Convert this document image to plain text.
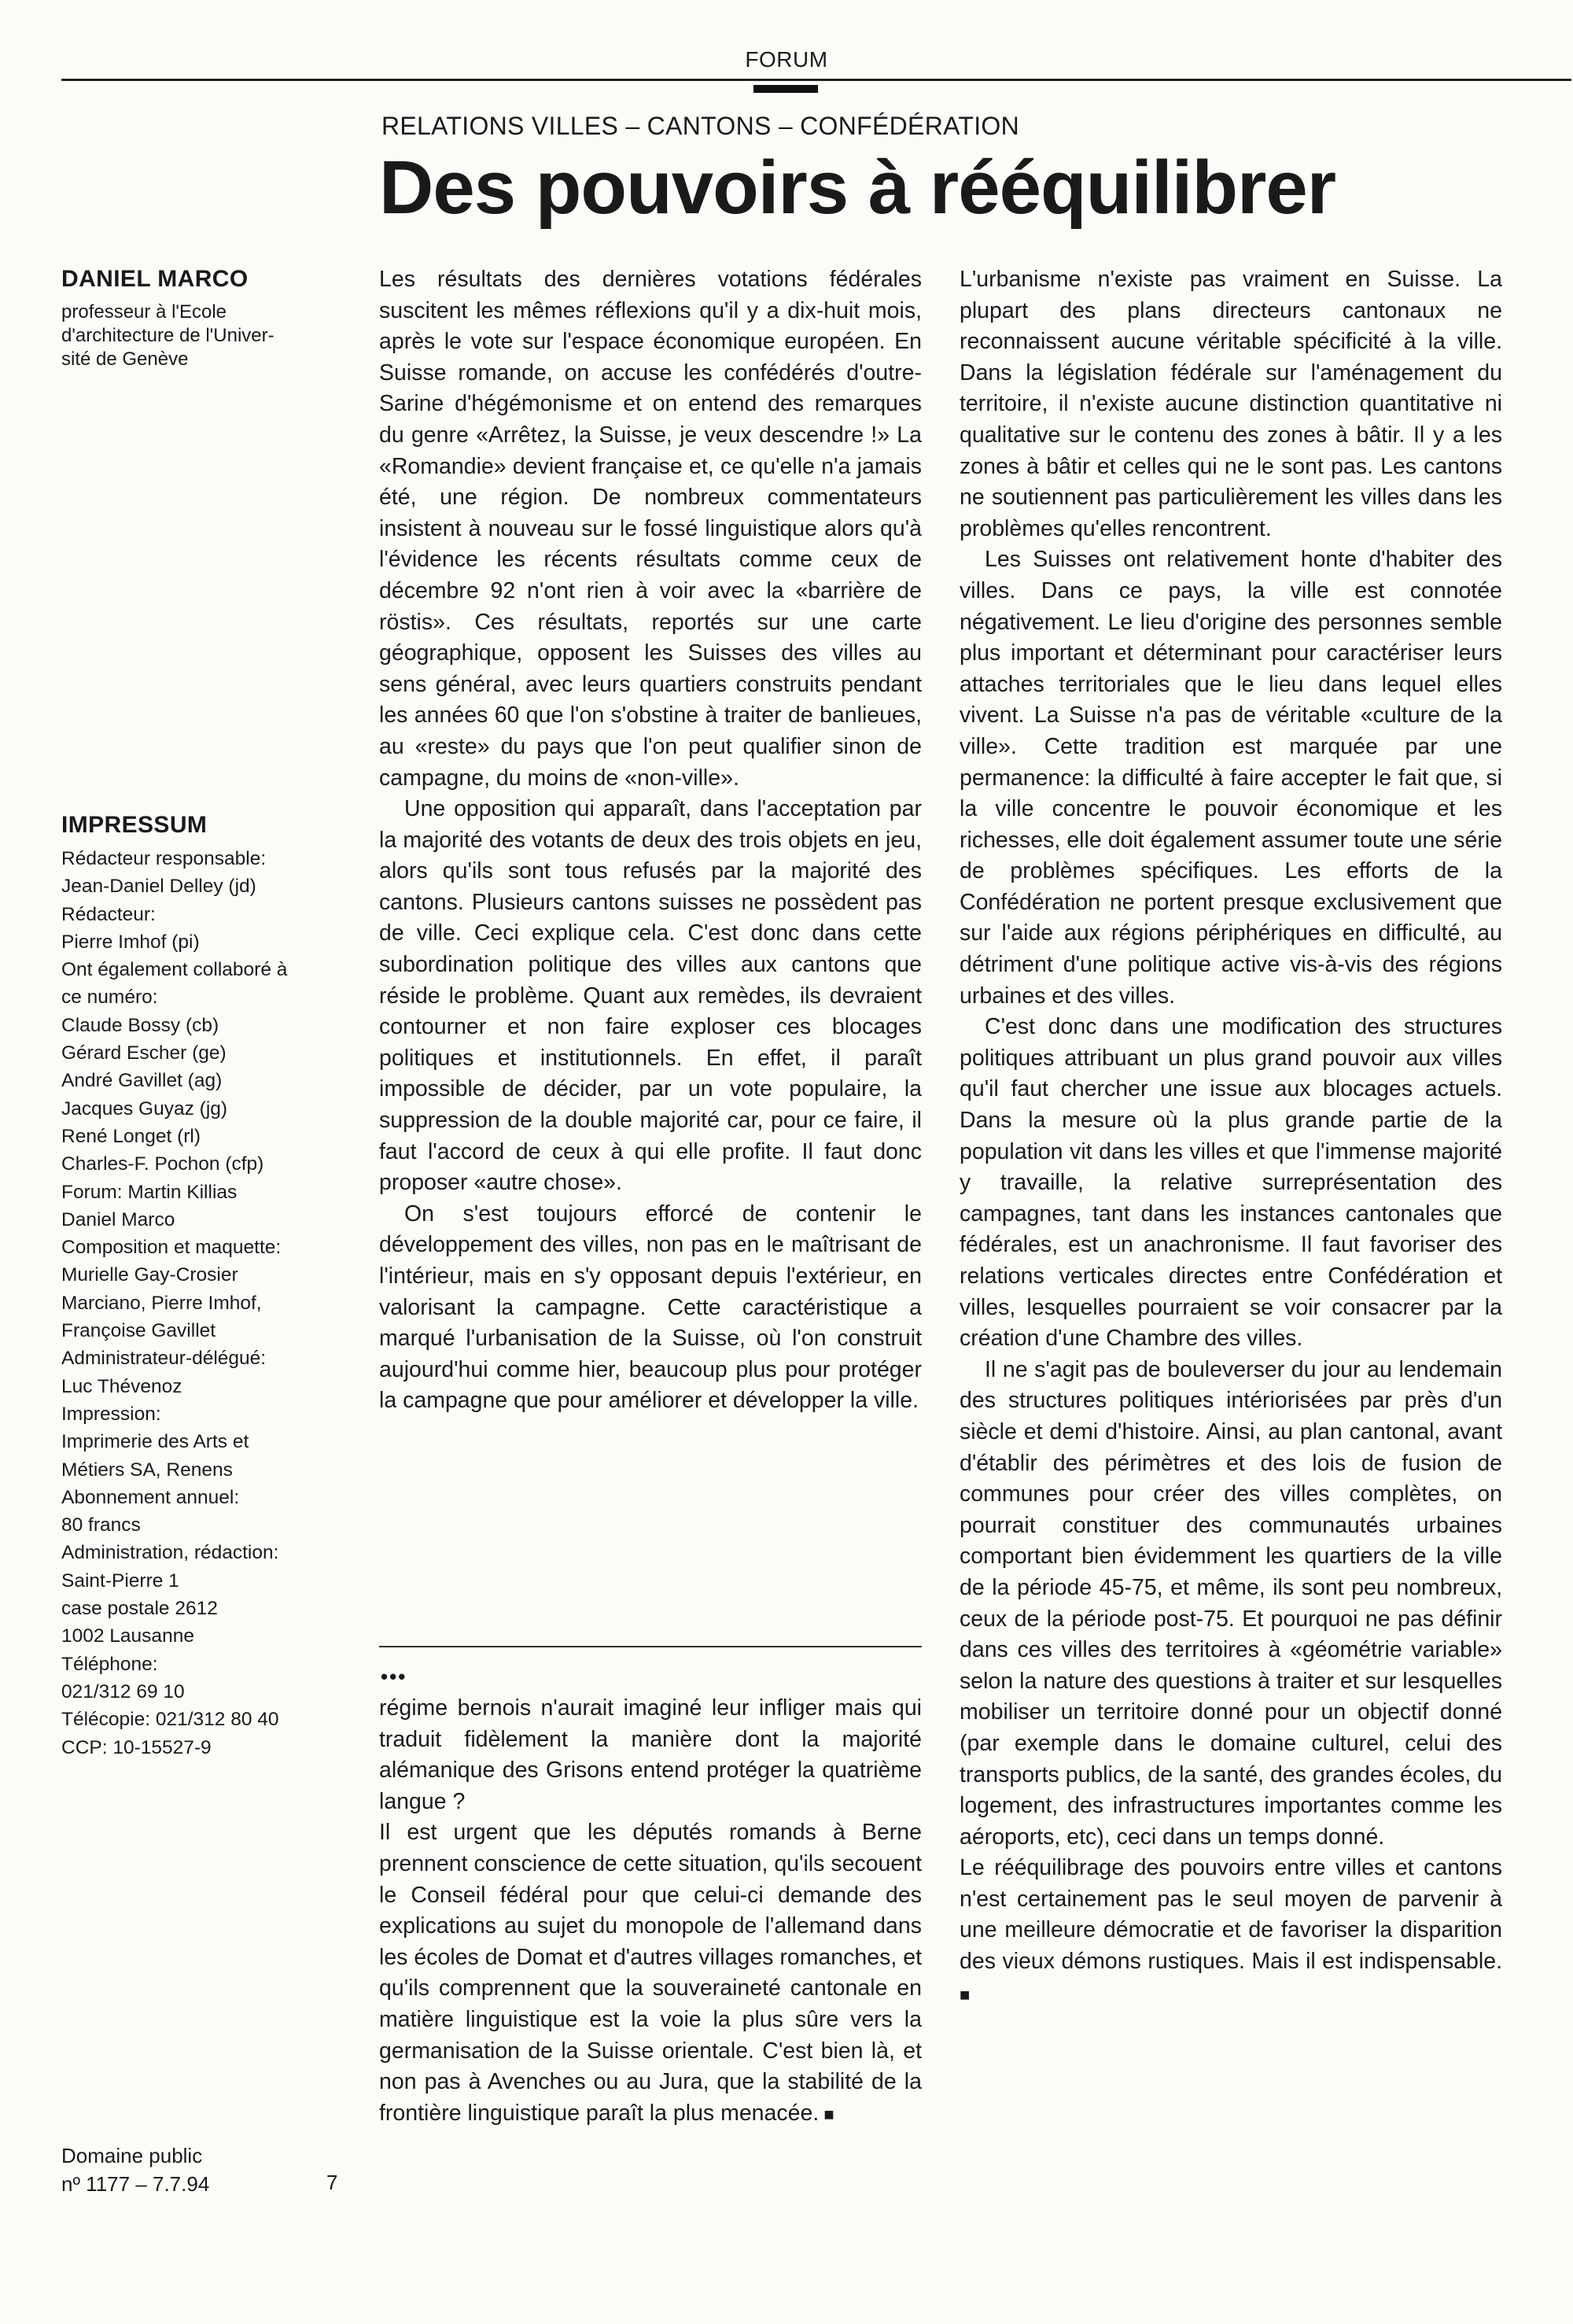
FORUM
RELATIONS VILLES – CANTONS – CONFÉDÉRATION
Des pouvoirs à rééquilibrer
DANIEL MARCO
professeur à l'Ecole
d'architecture de l'Univer-
sité de Genève
IMPRESSUM
Rédacteur responsable:
Jean-Daniel Delley (jd)
Rédacteur:
Pierre Imhof (pi)
Ont également collaboré à
ce numéro:
Claude Bossy (cb)
Gérard Escher (ge)
André Gavillet (ag)
Jacques Guyaz (jg)
René Longet (rl)
Charles-F. Pochon (cfp)
Forum: Martin Killias
Daniel Marco
Composition et maquette:
Murielle Gay-Crosier
Marciano, Pierre Imhof,
Françoise Gavillet
Administrateur-délégué:
Luc Thévenoz
Impression:
Imprimerie des Arts et
Métiers SA, Renens
Abonnement annuel:
80 francs
Administration, rédaction:
Saint-Pierre 1
case postale 2612
1002 Lausanne
Téléphone:
021/312 69 10
Télécopie: 021/312 80 40
CCP: 10-15527-9
Domaine public
nº 1177 – 7.7.94	7

Les résultats des dernières votations fédérales suscitent les mêmes réflexions qu'il y a dix-huit mois, après le vote sur l'espace économique européen. En Suisse romande, on accuse les confédérés d'outre-Sarine d'hégémonisme et on entend des remarques du genre «Arrêtez, la Suisse, je veux descendre !» La «Romandie» devient française et, ce qu'elle n'a jamais été, une région. De nombreux commentateurs insistent à nouveau sur le fossé linguistique alors qu'à l'évidence les récents résultats comme ceux de décembre 92 n'ont rien à voir avec la «barrière de röstis». Ces résultats, reportés sur une carte géographique, opposent les Suisses des villes au sens général, avec leurs quartiers construits pendant les années 60 que l'on s'obstine à traiter de banlieues, au «reste» du pays que l'on peut qualifier sinon de campagne, du moins de «non-ville».

Une opposition qui apparaît, dans l'acceptation par la majorité des votants de deux des trois objets en jeu, alors qu'ils sont tous refusés par la majorité des cantons. Plusieurs cantons suisses ne possèdent pas de ville. Ceci explique cela. C'est donc dans cette subordination politique des villes aux cantons que réside le problème. Quant aux remèdes, ils devraient contourner et non faire exploser ces blocages politiques et institutionnels. En effet, il paraît impossible de décider, par un vote populaire, la suppression de la double majorité car, pour ce faire, il faut l'accord de ceux à qui elle profite. Il faut donc proposer «autre chose».

On s'est toujours efforcé de contenir le développement des villes, non pas en le maîtrisant de l'intérieur, mais en s'y opposant depuis l'extérieur, en valorisant la campagne. Cette caractéristique a marqué l'urbanisation de la Suisse, où l'on construit aujourd'hui comme hier, beaucoup plus pour protéger la campagne que pour améliorer et développer la ville.

•••

régime bernois n'aurait imaginé leur infliger mais qui traduit fidèlement la manière dont la majorité alémanique des Grisons entend protéger la quatrième langue ?

Il est urgent que les députés romands à Berne prennent conscience de cette situation, qu'ils secouent le Conseil fédéral pour que celui-ci demande des explications au sujet du monopole de l'allemand dans les écoles de Domat et d'autres villages romanches, et qu'ils comprennent que la souveraineté cantonale en matière linguistique est la voie la plus sûre vers la germanisation de la Suisse orientale. C'est bien là, et non pas à Avenches ou au Jura, que la stabilité de la frontière linguistique paraît la plus menacée.

■

L'urbanisme n'existe pas vraiment en Suisse. La plupart des plans directeurs cantonaux ne reconnaissent aucune véritable spécificité à la ville. Dans la législation fédérale sur l'aménagement du territoire, il n'existe aucune distinction quantitative ni qualitative sur le contenu des zones à bâtir. Il y a les zones à bâtir et celles qui ne le sont pas. Les cantons ne soutiennent pas particulièrement les villes dans les problèmes qu'elles rencontrent.

Les Suisses ont relativement honte d'habiter des villes. Dans ce pays, la ville est connotée négativement. Le lieu d'origine des personnes semble plus important et déterminant pour caractériser leurs attaches territoriales que le lieu dans lequel elles vivent. La Suisse n'a pas de véritable «culture de la ville». Cette tradition est marquée par une permanence: la difficulté à faire accepter le fait que, si la ville concentre le pouvoir économique et les richesses, elle doit également assumer toute une série de problèmes spécifiques. Les efforts de la Confédération ne portent presque exclusivement que sur l'aide aux régions périphériques en difficulté, au détriment d'une politique active vis-à-vis des régions urbaines et des villes.

C'est donc dans une modification des structures politiques attribuant un plus grand pouvoir aux villes qu'il faut chercher une issue aux blocages actuels. Dans la mesure où la plus grande partie de la population vit dans les villes et que l'immense majorité y travaille, la relative surreprésentation des campagnes, tant dans les instances cantonales que fédérales, est un anachronisme. Il faut favoriser des relations verticales directes entre Confédération et villes, lesquelles pourraient se voir consacrer par la création d'une Chambre des villes.

Il ne s'agit pas de bouleverser du jour au lendemain des structures politiques intériorisées par près d'un siècle et demi d'histoire. Ainsi, au plan cantonal, avant d'établir des périmètres et des lois de fusion de communes pour créer des villes complètes, on pourrait constituer des communautés urbaines comportant bien évidemment les quartiers de la ville de la période 45-75, et même, ils sont peu nombreux, ceux de la période post-75. Et pourquoi ne pas définir dans ces villes des territoires à «géométrie variable» selon la nature des questions à traiter et sur lesquelles mobiliser un territoire donné pour un objectif donné (par exemple dans le domaine culturel, celui des transports publics, de la santé, des grandes écoles, du logement, des infrastructures importantes comme les aéroports, etc), ceci dans un temps donné.

Le rééquilibrage des pouvoirs entre villes et cantons n'est certainement pas le seul moyen de parvenir à une meilleure démocratie et de favoriser la disparition des vieux démons rustiques. Mais il est indispensable.

■
